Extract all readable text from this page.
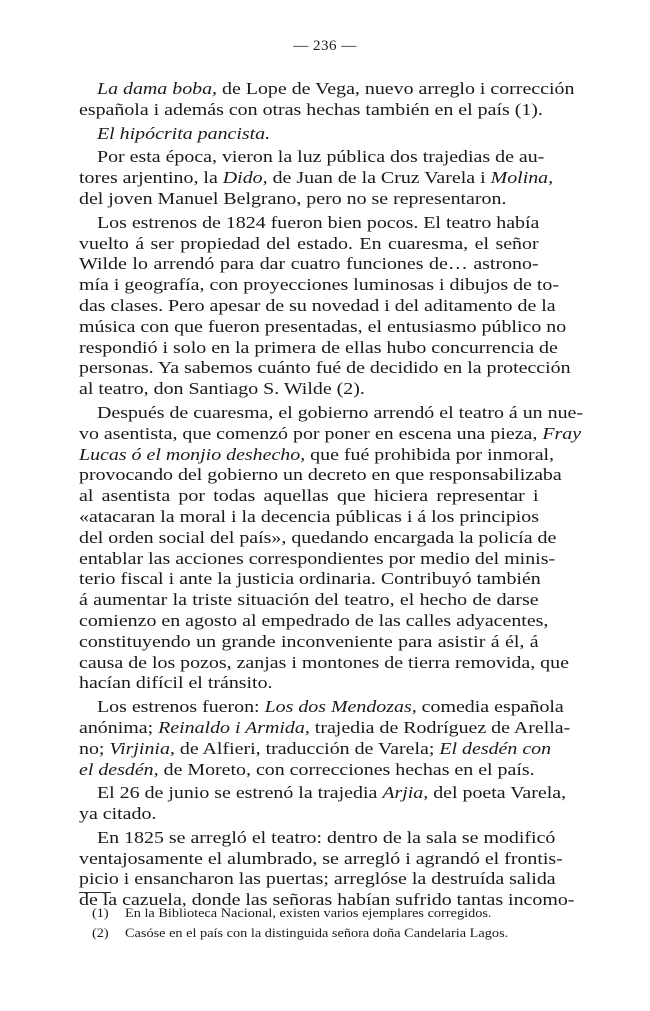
— 236 —
La dama boba, de Lope de Vega, nuevo arreglo i corrección
española i además con otras hechas también en el país (1).
El hipócrita pancista.
Por esta época, vieron la luz pública dos trajedias de au-
tores arjentino, la Dido, de Juan de la Cruz Varela i Molina,
del joven Manuel Belgrano, pero no se representaron.
Los estrenos de 1824 fueron bien pocos. El teatro había
vuelto á ser propiedad del estado. En cuaresma, el señor
Wilde lo arrendó para dar cuatro funciones de… astrono-
mía i geografía, con proyecciones luminosas i dibujos de to-
das clases. Pero apesar de su novedad i del aditamento de la
música con que fueron presentadas, el entusiasmo público no
respondió i solo en la primera de ellas hubo concurrencia de
personas. Ya sabemos cuánto fué de decidido en la protección
al teatro, don Santiago S. Wilde (2).
Después de cuaresma, el gobierno arrendó el teatro á un nue-
vo asentista, que comenzó por poner en escena una pieza, Fray
Lucas ó el monjio deshecho, que fué prohibida por inmoral,
provocando del gobierno un decreto en que responsabilizaba
al asentista por todas aquellas que hiciera representar i
«atacaran la moral i la decencia públicas i á los principios
del orden social del país», quedando encargada la policía de
entablar las acciones correspondientes por medio del minis-
terio fiscal i ante la justicia ordinaria. Contribuyó también
á aumentar la triste situación del teatro, el hecho de darse
comienzo en agosto al empedrado de las calles adyacentes,
constituyendo un grande inconveniente para asistir á él, á
causa de los pozos, zanjas i montones de tierra removida, que
hacían difícil el tránsito.
Los estrenos fueron: Los dos Mendozas, comedia española
anónima; Reinaldo i Armida, trajedia de Rodríguez de Arella-
no; Virjinia, de Alfieri, traducción de Varela; El desdén con
el desdén, de Moreto, con correcciones hechas en el país.
El 26 de junio se estrenó la trajedia Arjia, del poeta Varela,
ya citado.
En 1825 se arregló el teatro: dentro de la sala se modificó
ventajosamente el alumbrado, se arregló i agrandó el frontis-
picio i ensancharon las puertas; arreglóse la destruída salida
de la cazuela, donde las señoras habían sufrido tantas incomo-
(1) En la Biblioteca Nacional, existen varios ejemplares corregidos.
(2) Casóse en el país con la distinguida señora doña Candelaria Lagos.
